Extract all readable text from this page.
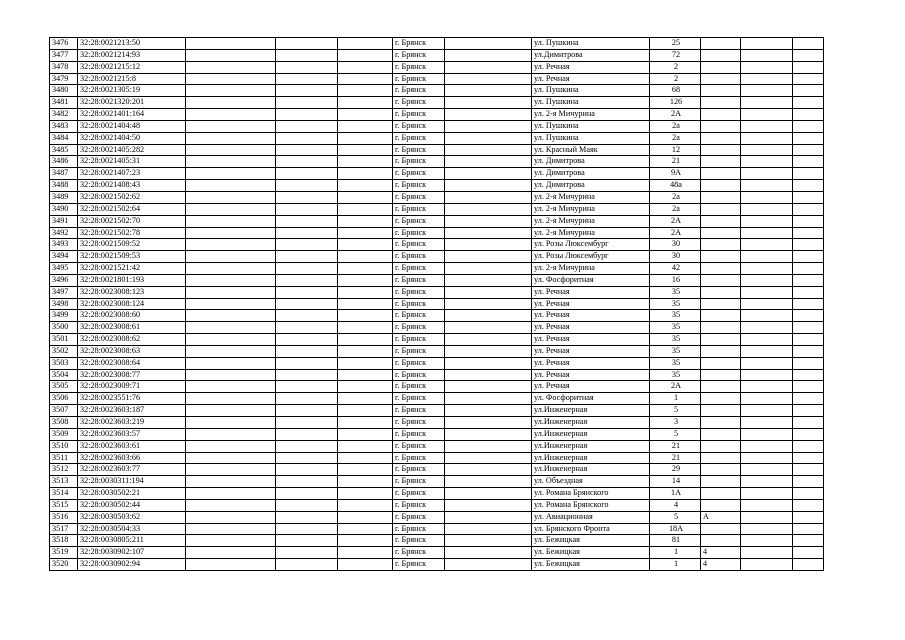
3476	32:28:0021213:50				г. Брянск		ул. Пушкина	25			
3477	32:28:0021214:93				г. Брянск		ул.Димитрова	72			
3478	32:28:0021215:12				г. Брянск		ул. Речная	2			
3479	32:28:0021215:8				г. Брянск		ул. Речная	2			
3480	32:28:0021305:19				г. Брянск		ул. Пушкина	68			
3481	32:28:0021320:201				г. Брянск		ул. Пушкина	126			
3482	32:28:0021401:164				г. Брянск		ул. 2-я Мичурина	2А			
3483	32:28:0021404:48				г. Брянск		ул. Пушкина	2а			
3484	32:28:0021404:50				г. Брянск		ул. Пушкина	2а			
3485	32:28:0021405:282				г. Брянск		ул. Красный Маяк	12			
3486	32:28:0021405:31				г. Брянск		ул. Димитрова	21			
3487	32:28:0021407:23				г. Брянск		ул. Димитрова	9А			
3488	32:28:0021408:43				г. Брянск		ул. Димитрова	48а			
3489	32:28:0021502:62				г. Брянск		ул. 2-я Мичурина	2а			
3490	32:28:0021502:64				г. Брянск		ул. 2-я Мичурина	2а			
3491	32:28:0021502:70				г. Брянск		ул. 2-я Мичурина	2А			
3492	32:28:0021502:78				г. Брянск		ул. 2-я Мичурина	2А			
3493	32:28:0021509:52				г. Брянск		ул. Розы Люксембург	30			
3494	32:28:0021509:53				г. Брянск		ул. Розы Люксембург	30			
3495	32:28:0021521:42				г. Брянск		ул. 2-я Мичурина	42			
3496	32:28:0021801:193				г. Брянск		ул. Фосфоритная	16			
3497	32:28:0023008:123				г. Брянск		ул. Речная	35			
3498	32:28:0023008:124				г. Брянск		ул. Речная	35			
3499	32:28:0023008:60				г. Брянск		ул. Речная	35			
3500	32:28:0023008:61				г. Брянск		ул. Речная	35			
3501	32:28:0023008:62				г. Брянск		ул. Речная	35			
3502	32:28:0023008:63				г. Брянск		ул. Речная	35			
3503	32:28:0023008:64				г. Брянск		ул. Речная	35			
3504	32:28:0023008:77				г. Брянск		ул. Речная	35			
3505	32:28:0023009:71				г. Брянск		ул. Речная	2А			
3506	32:28:0023551:76				г. Брянск		ул. Фосфоритная	1			
3507	32:28:0023603:187				г. Брянск		ул.Инженерная	5			
3508	32:28:0023603:219				г. Брянск		ул.Инженерная	3			
3509	32:28:0023603:57				г. Брянск		ул.Инженерная	5			
3510	32:28:0023603:61				г. Брянск		ул.Инженерная	21			
3511	32:28:0023603:66				г. Брянск		ул.Инженерная	21			
3512	32:28:0023603:77				г. Брянск		ул.Инженерная	29			
3513	32:28:0030311:194				г. Брянск		ул. Объездная	14			
3514	32:28:0030502:21				г. Брянск		ул. Романа Брянского	1А			
3515	32:28:0030502:44				г. Брянск		ул. Романа Брянского	4			
3516	32:28:0030503:62				г. Брянск		ул. Авиационная	5	А		
3517	32:28:0030504:33				г. Брянск		ул. Брянского Фронта	18А			
3518	32:28:0030805:211				г. Брянск		ул. Бежицкая	81			
3519	32:28:0030902:107				г. Брянск		ул. Бежицкая	1	4		
3520	32:28:0030902:94				г. Брянск		ул. Бежицкая	1	4		
